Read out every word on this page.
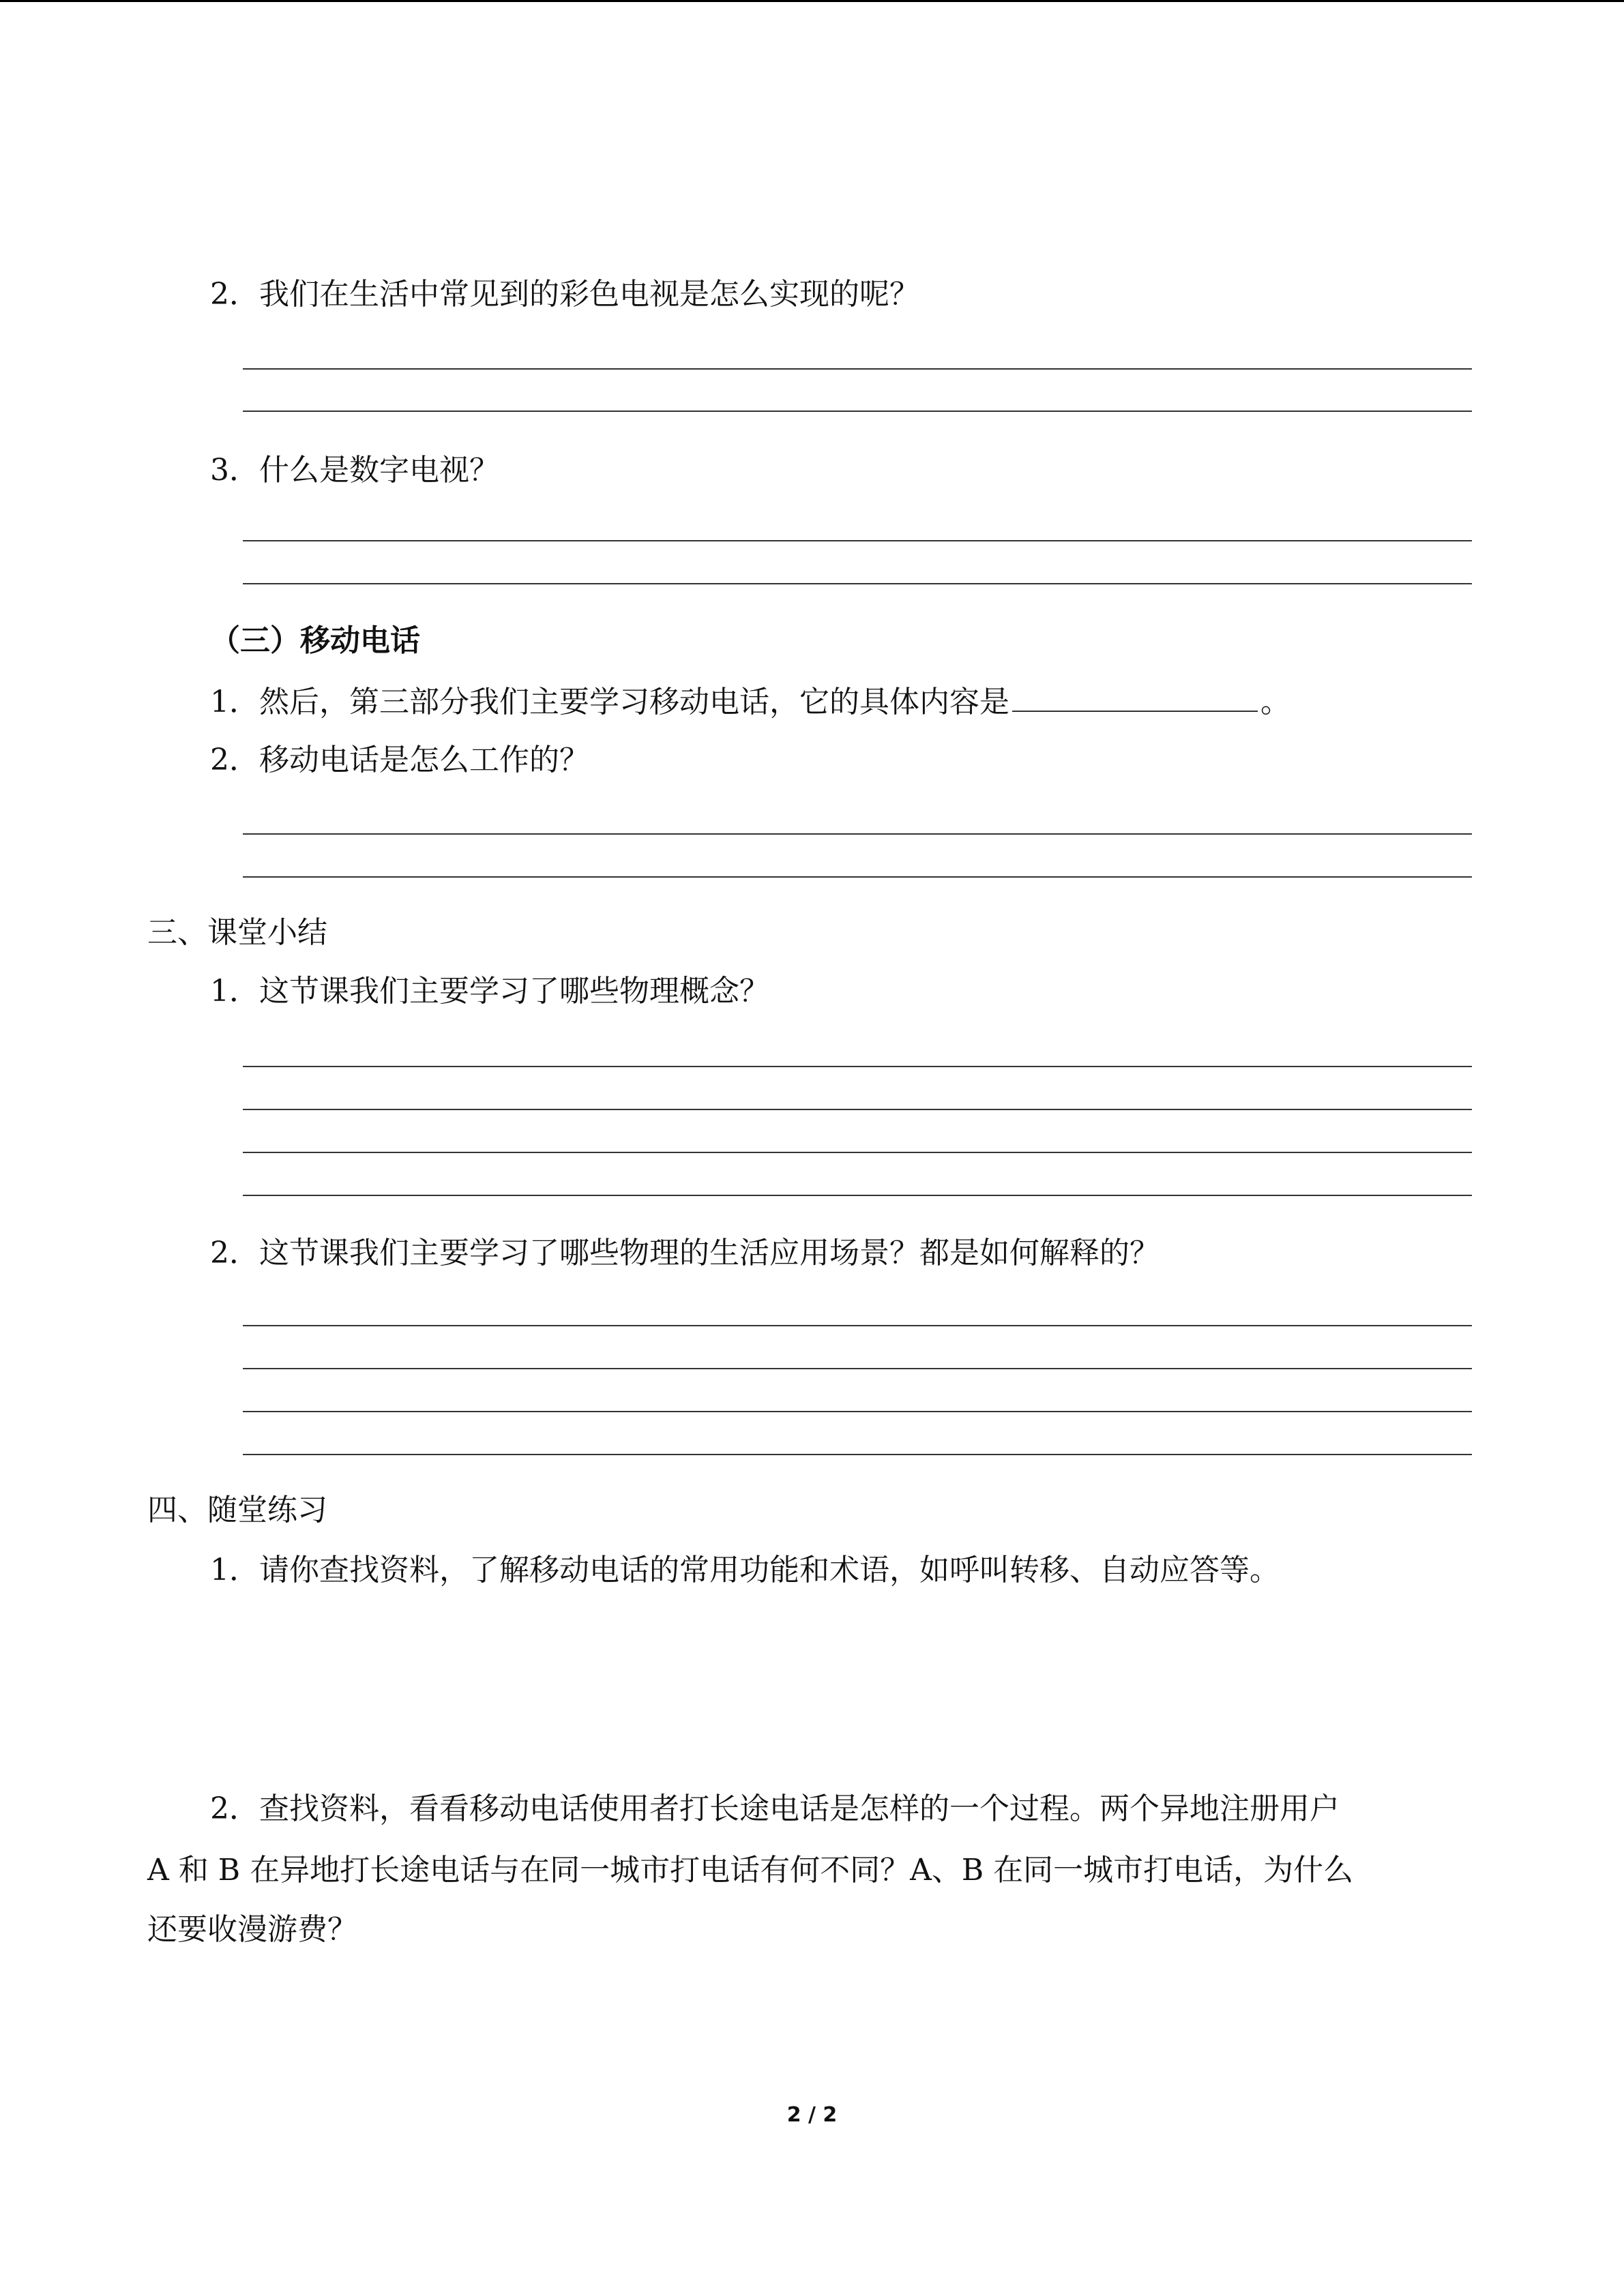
2．我们在生活中常见到的彩色电视是怎么实现的呢？
3．什么是数字电视？
（三）移动电话
1．然后，第三部分我们主要学习移动电话，它的具体内容是	。
2．移动电话是怎么工作的？
三、课堂小结
1．这节课我们主要学习了哪些物理概念？
2．这节课我们主要学习了哪些物理的生活应用场景？都是如何解释的？
四、随堂练习
1．请你查找资料，了解移动电话的常用功能和术语，如呼叫转移、自动应答等。
2．查找资料，看看移动电话使用者打长途电话是怎样的一个过程。两个异地注册用户
A 和 B 在异地打长途电话与在同一城市打电话有何不同？A、B 在同一城市打电话，为什么
还要收漫游费？
2 / 2
